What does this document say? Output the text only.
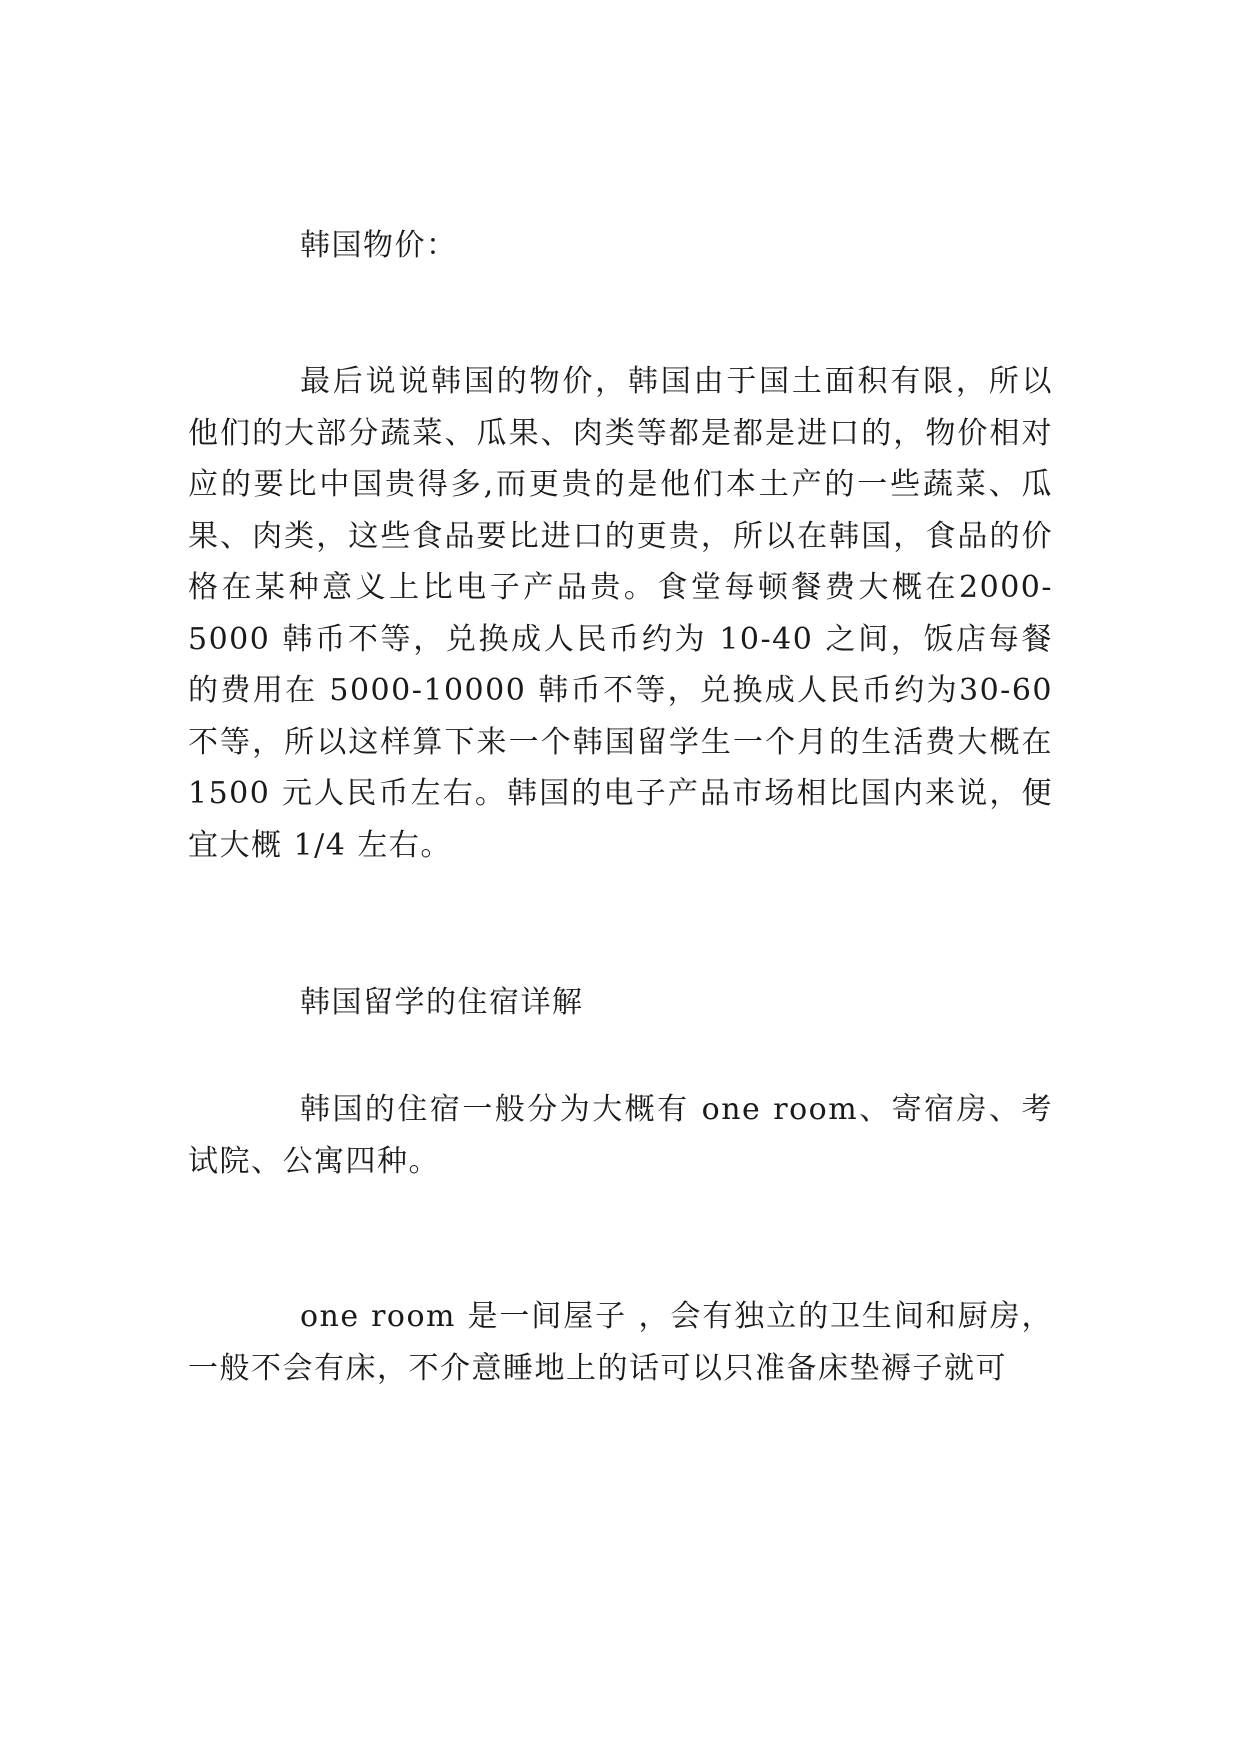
韩国物价：

最后说说韩国的物价，韩国由于国土面积有限，所以他们的大部分蔬菜、瓜果、肉类等都是都是进口的，物价相对应的要比中国贵得多,而更贵的是他们本土产的一些蔬菜、瓜果、肉类，这些食品要比进口的更贵，所以在韩国，食品的价格在某种意义上比电子产品贵。食堂每顿餐费大概在2000-5000 韩币不等，兑换成人民币约为 10-40 之间，饭店每餐的费用在 5000-10000 韩币不等，兑换成人民币约为30-60 不等，所以这样算下来一个韩国留学生一个月的生活费大概在 1500 元人民币左右。韩国的电子产品市场相比国内来说，便宜大概 1/4 左右。

韩国留学的住宿详解

韩国的住宿一般分为大概有 one room、寄宿房、考试院、公寓四种。

one room 是一间屋子 ，会有独立的卫生间和厨房，一般不会有床，不介意睡地上的话可以只准备床垫褥子就可
